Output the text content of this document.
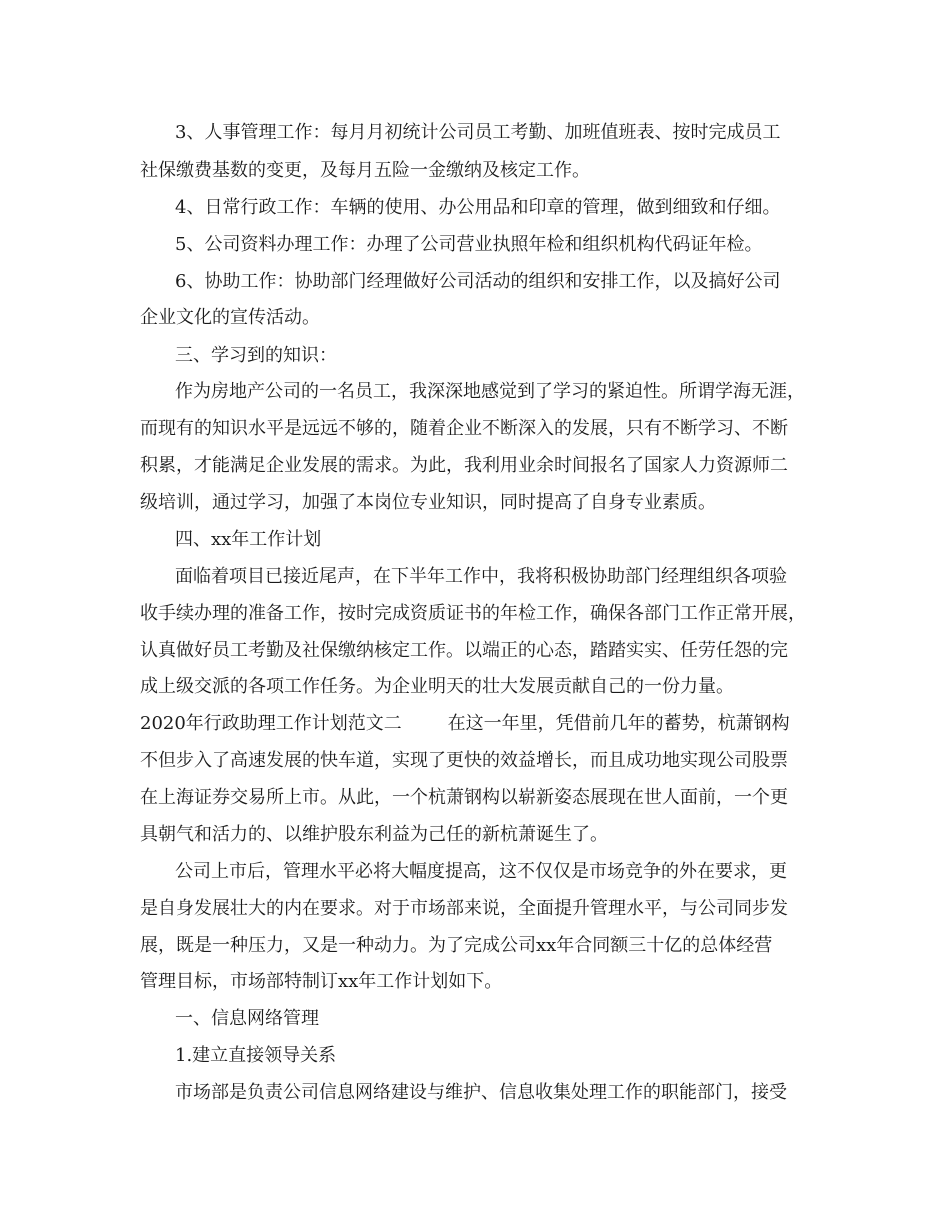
3、人事管理工作：每月月初统计公司员工考勤、加班值班表、按时完成员工
社保缴费基数的变更，及每月五险一金缴纳及核定工作。
4、日常行政工作：车辆的使用、办公用品和印章的管理，做到细致和仔细。
5、公司资料办理工作：办理了公司营业执照年检和组织机构代码证年检。
6、协助工作：协助部门经理做好公司活动的组织和安排工作，以及搞好公司
企业文化的宣传活动。
三、学习到的知识：
作为房地产公司的一名员工，我深深地感觉到了学习的紧迫性。所谓学海无涯，
而现有的知识水平是远远不够的，随着企业不断深入的发展，只有不断学习、不断
积累，才能满足企业发展的需求。为此，我利用业余时间报名了国家人力资源师二
级培训，通过学习，加强了本岗位专业知识，同时提高了自身专业素质。
四、xx年工作计划
面临着项目已接近尾声，在下半年工作中，我将积极协助部门经理组织各项验
收手续办理的准备工作，按时完成资质证书的年检工作，确保各部门工作正常开展，
认真做好员工考勤及社保缴纳核定工作。以端正的心态，踏踏实实、任劳任怨的完
成上级交派的各项工作任务。为企业明天的壮大发展贡献自己的一份力量。
2020年行政助理工作计划范文二        在这一年里，凭借前几年的蓄势，杭萧钢构
不但步入了高速发展的快车道，实现了更快的效益增长，而且成功地实现公司股票
在上海证券交易所上市。从此，一个杭萧钢构以崭新姿态展现在世人面前，一个更
具朝气和活力的、以维护股东利益为己任的新杭萧诞生了。
公司上市后，管理水平必将大幅度提高，这不仅仅是市场竞争的外在要求，更
是自身发展壮大的内在要求。对于市场部来说，全面提升管理水平，与公司同步发
展，既是一种压力，又是一种动力。为了完成公司xx年合同额三十亿的总体经营
管理目标，市场部特制订xx年工作计划如下。
一、信息网络管理
1.建立直接领导关系
市场部是负责公司信息网络建设与维护、信息收集处理工作的职能部门，接受
